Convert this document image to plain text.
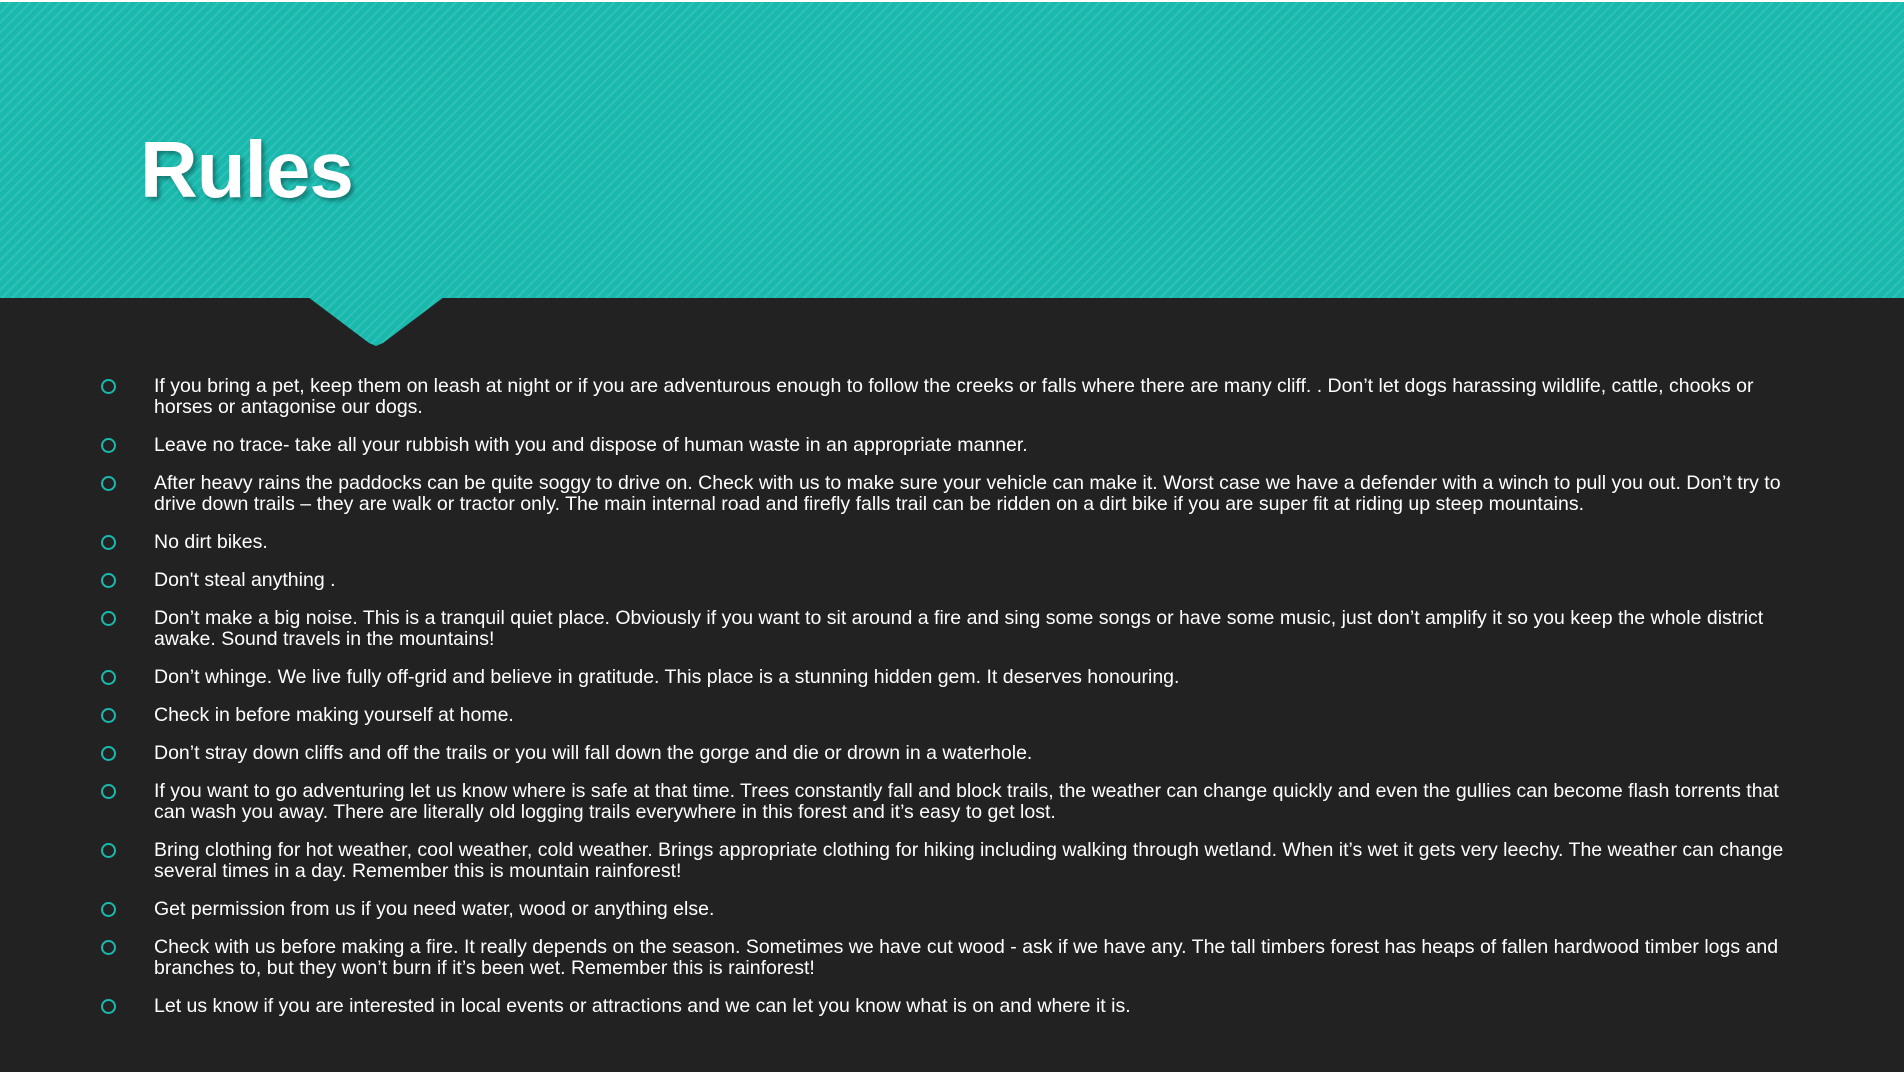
Rules
If you bring a pet, keep them on leash at night or if you are adventurous enough to follow the creeks or falls where there are many cliff. . Don’t let dogs harassing wildlife, cattle, chooks or horses or antagonise our dogs.
Leave no trace- take all your rubbish with you and dispose of human waste in an appropriate manner.
After heavy rains the paddocks can be quite soggy to drive on. Check with us to make sure your vehicle can make it. Worst case we have a defender with a winch to pull you out. Don’t try to drive down trails – they are walk or tractor only. The main internal road and firefly falls trail can be ridden on a dirt bike if you are super fit at riding up steep mountains.
No dirt bikes.
Don't steal anything .
Don’t make a big noise. This is a tranquil quiet place. Obviously if you want to sit around a fire and sing some songs or have some music, just don’t amplify it so you keep the whole district awake. Sound travels in the mountains!
Don’t whinge. We live fully off-grid and believe in gratitude. This place is a stunning hidden gem. It deserves honouring.
Check in before making yourself at home.
Don’t stray down cliffs and off the trails or you will fall down the gorge and die or drown in a waterhole.
If you want to go adventuring let us know where is safe at that time. Trees constantly fall and block trails, the weather can change quickly and even the gullies can become flash torrents that can wash you away. There are literally old logging trails everywhere in this forest and it’s easy to get lost.
Bring clothing for hot weather, cool weather, cold weather. Brings appropriate clothing for hiking including walking through wetland. When it’s wet it gets very leechy. The weather can change several times in a day. Remember this is mountain rainforest!
Get permission from us if you need water, wood or anything else.
Check with us before making a fire. It really depends on the season. Sometimes we have cut wood - ask if we have any. The tall timbers forest has heaps of fallen hardwood timber logs and branches to, but they won’t burn if it’s been wet. Remember this is rainforest!
Let us know if you are interested in local events or attractions and we can let you know what is on and where it is.
